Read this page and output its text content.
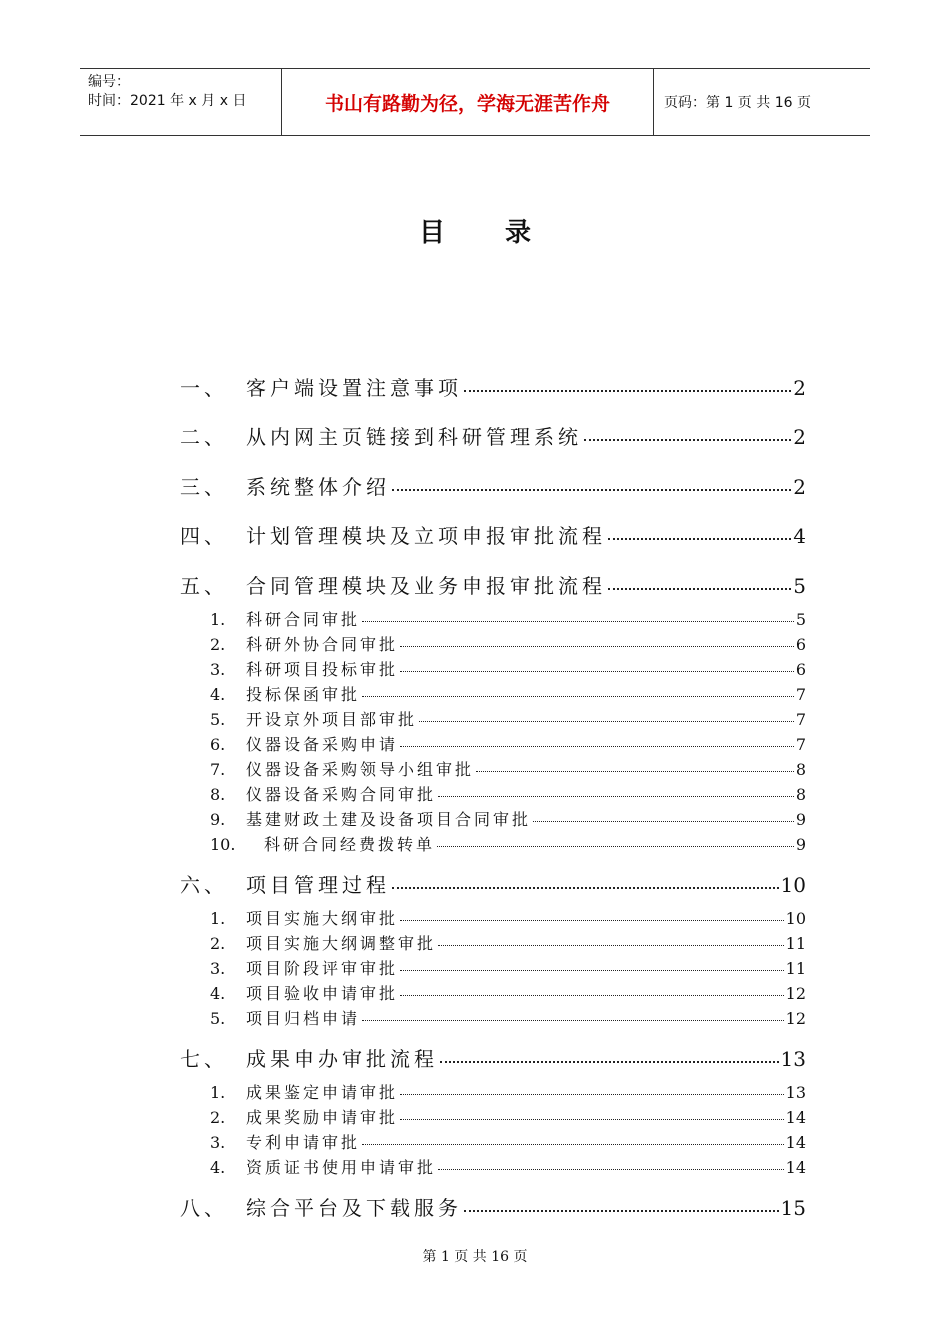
编号：
时间：2021 年 x 月 x 日	书山有路勤为径，学海无涯苦作舟	页码：第 1 页 共 16 页
目录
一、 客户端设置注意事项	2
二、 从内网主页链接到科研管理系统	2
三、 系统整体介绍	2
四、 计划管理模块及立项申报审批流程	4
五、 合同管理模块及业务申报审批流程	5
1.	科研合同审批	5
2.	科研外协合同审批	6
3.	科研项目投标审批	6
4.	投标保函审批	7
5.	开设京外项目部审批	7
6.	仪器设备采购申请	7
7.	仪器设备采购领导小组审批	8
8.	仪器设备采购合同审批	8
9.	基建财政土建及设备项目合同审批	9
10.	科研合同经费拨转单	9
六、 项目管理过程	10
1.	项目实施大纲审批	10
2.	项目实施大纲调整审批	11
3.	项目阶段评审审批	11
4.	项目验收申请审批	12
5.	项目归档申请	12
七、 成果申办审批流程	13
1.	成果鉴定申请审批	13
2.	成果奖励申请审批	14
3.	专利申请审批	14
4.	资质证书使用申请审批	14
八、 综合平台及下载服务	15
第 1 页 共 16 页
